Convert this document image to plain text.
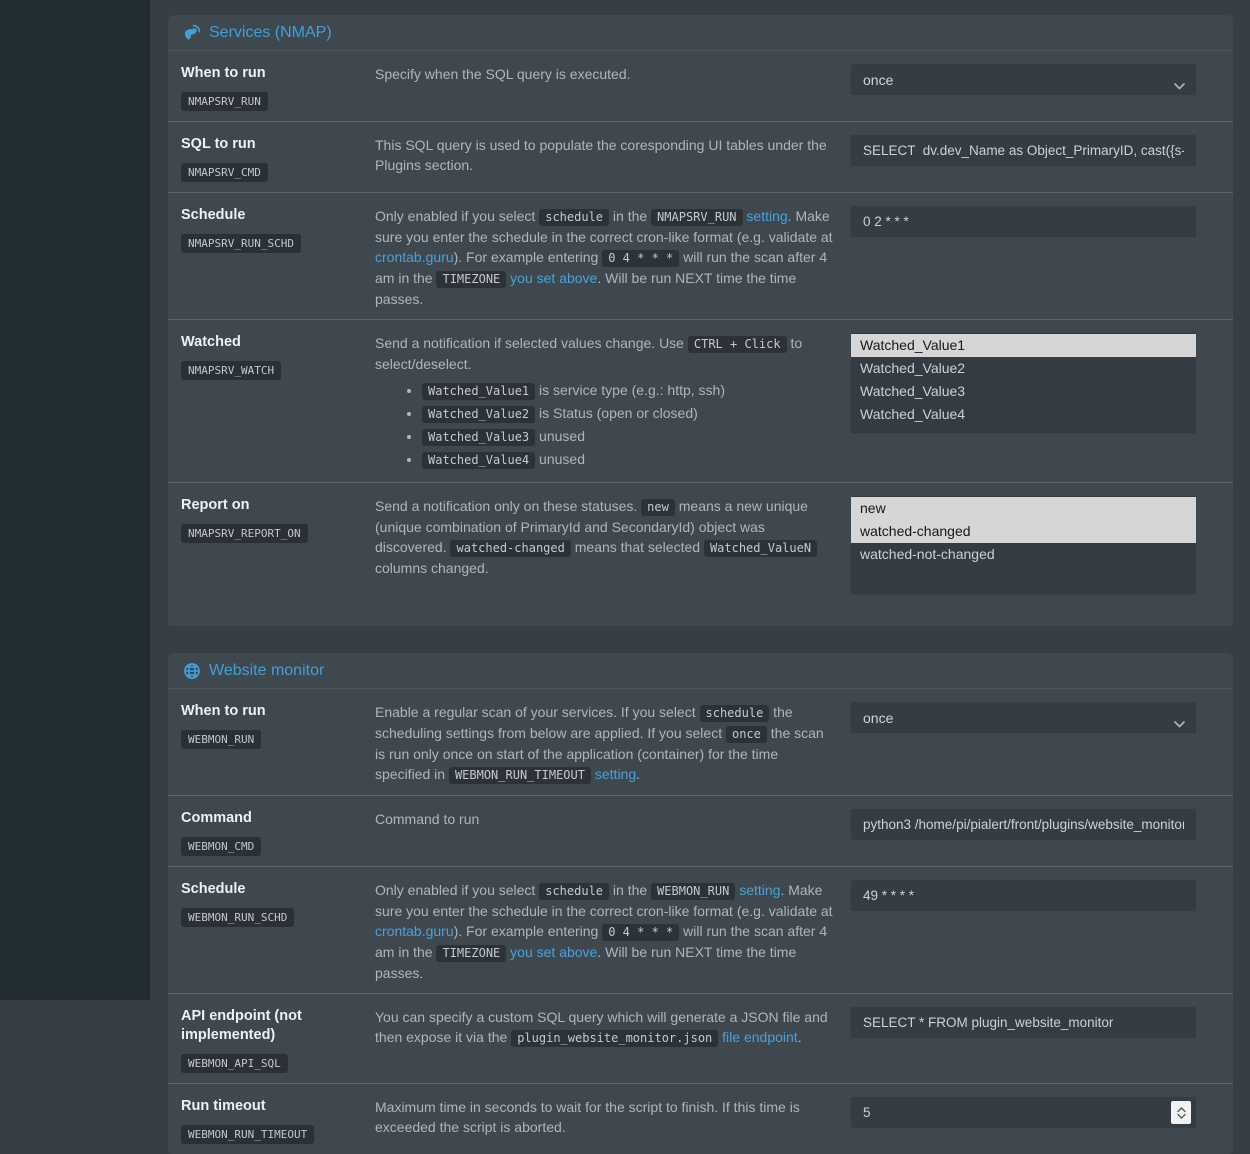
Services (NMAP)
When to run
NMAPSRV_RUN
Specify when the SQL query is executed.	once
SQL to run
NMAPSRV_CMD
This SQL query is used to populate the coresponding UI tables under the Plugins section.
SELECT dv.dev_Name as Object_PrimaryID, cast({s-quote}
Schedule
NMAPSRV_RUN_SCHD
Only enabled if you select schedule in the NMAPSRV_RUN setting. Make sure you enter the schedule in the correct cron-like format (e.g. validate at crontab.guru). For example entering 0 4 * * * will run the scan after 4 am in the TIMEZONE you set above. Will be run NEXT time the time passes.
0 2 * * *
Watched
NMAPSRV_WATCH
Send a notification if selected values change. Use CTRL + Click to select/deselect.
• Watched_Value1 is service type (e.g.: http, ssh)
• Watched_Value2 is Status (open or closed)
• Watched_Value3 unused
• Watched_Value4 unused
Watched_Value1
Watched_Value2
Watched_Value3
Watched_Value4
Report on
NMAPSRV_REPORT_ON
Send a notification only on these statuses. new means a new unique (unique combination of PrimaryId and SecondaryId) object was discovered. watched-changed means that selected Watched_ValueN columns changed.
new
watched-changed
watched-not-changed
Website monitor
When to run
WEBMON_RUN
Enable a regular scan of your services. If you select schedule the scheduling settings from below are applied. If you select once the scan is run only once on start of the application (container) for the time specified in WEBMON_RUN_TIMEOUT setting.
once
Command
WEBMON_CMD
Command to run
python3 /home/pi/pialert/front/plugins/website_monitor
Schedule
WEBMON_RUN_SCHD
Only enabled if you select schedule in the WEBMON_RUN setting. Make sure you enter the schedule in the correct cron-like format (e.g. validate at crontab.guru). For example entering 0 4 * * * will run the scan after 4 am in the TIMEZONE you set above. Will be run NEXT time the time passes.
49 * * * *
API endpoint (not implemented)
WEBMON_API_SQL
You can specify a custom SQL query which will generate a JSON file and then expose it via the plugin_website_monitor.json file endpoint.
SELECT * FROM plugin_website_monitor
Run timeout
WEBMON_RUN_TIMEOUT
Maximum time in seconds to wait for the script to finish. If this time is exceeded the script is aborted.
5
